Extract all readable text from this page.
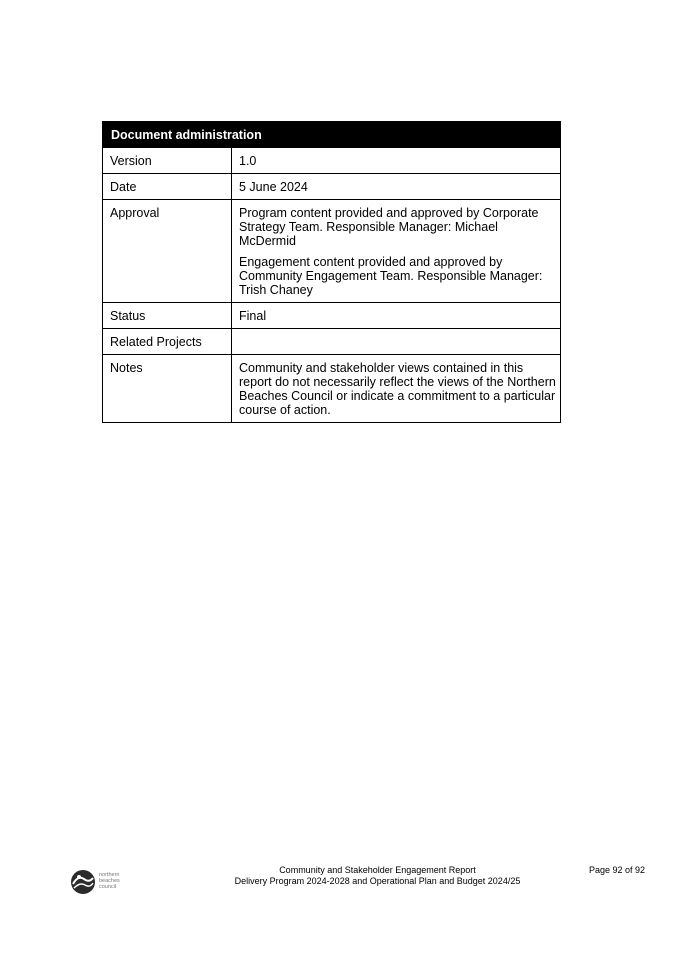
Document administration	
Version	1.0
Date	5 June 2024
Approval	Program content provided and approved by Corporate Strategy Team. Responsible Manager: Michael McDermid

Engagement content provided and approved by Community Engagement Team. Responsible Manager: Trish Chaney

Status	Final
Related Projects	
Notes	Community and stakeholder views contained in this report do not necessarily reflect the views of the Northern Beaches Council or indicate a commitment to a particular course of action.
northern
beaches
council
Community and Stakeholder Engagement Report
Delivery Program 2024-2028 and Operational Plan and Budget 2024/25
Page 92 of 92
